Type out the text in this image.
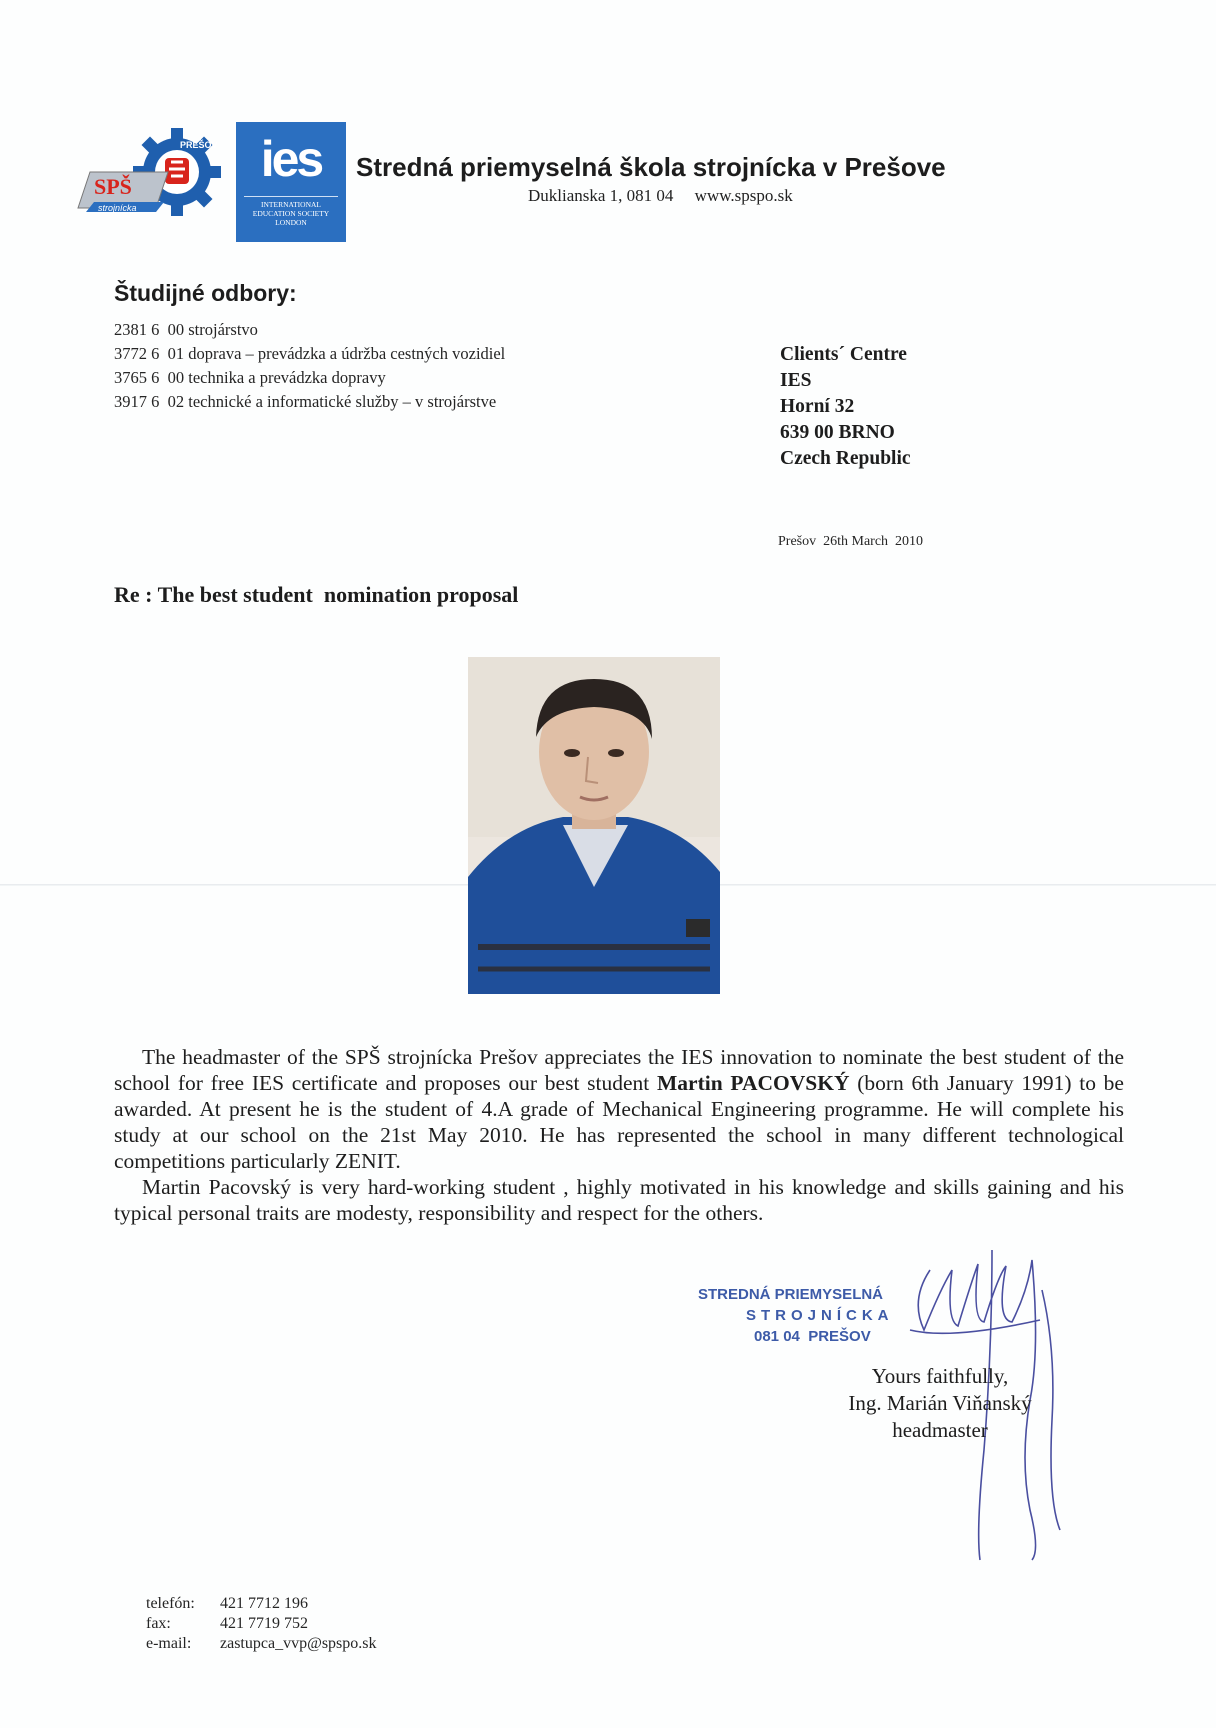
PREŠOV
SPŠ
strojnícka
ies
INTERNATIONAL
EDUCATION SOCIETY
LONDON
Stredná priemyselná škola strojnícka v Prešove
Duklianska 1, 081 04     www.spspo.sk
Študijné odbory:
2381 6  00 strojárstvo
3772 6  01 doprava – prevádzka a údržba cestných vozidiel
3765 6  00 technika a prevádzka dopravy
3917 6  02 technické a informatické služby – v strojárstve
Clients´ Centre
IES
Horní 32
639 00 BRNO
Czech Republic
Prešov  26th March  2010
Re : The best student  nomination proposal

The headmaster of the SPŠ strojnícka Prešov appreciates the IES innovation to nominate the best student of the school for free IES certificate and proposes our best student Martin PACOVSKÝ (born 6th January 1991) to be awarded. At present he is the student of 4.A grade of Mechanical Engineering programme. He will complete his study at our school on the 21st May 2010. He has represented the school in many different technological competitions particularly ZENIT.

Martin Pacovský is very hard-working student , highly motivated in his knowledge and skills gaining and his typical personal traits are modesty, responsibility and respect for the others.

STREDNÁ PRIEMYSELNÁ
STROJNÍCKA
081 04  PREŠOV
Yours faithfully,
Ing. Marián Viňanský
headmaster
telefón: 421 7712 196
fax:	421 7719 752
e-mail: zastupca_vvp@spspo.sk
